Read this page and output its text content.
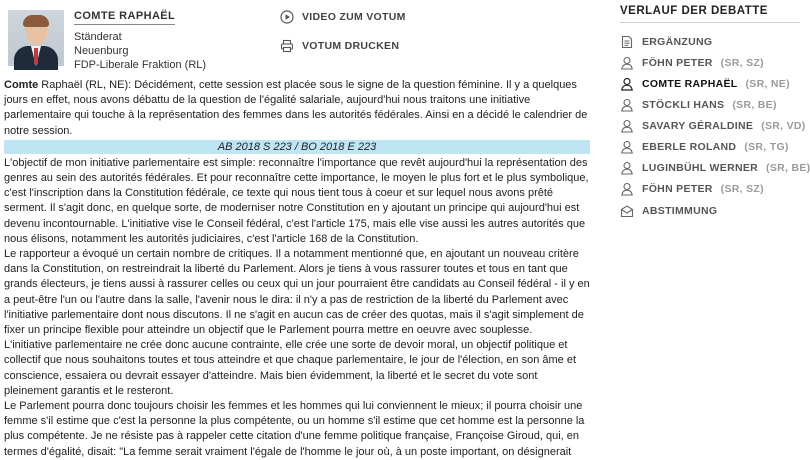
COMTE RAPHAËL
Ständerat
Neuenburg
FDP-Liberale Fraktion (RL)
VIDEO ZUM VOTUM
VOTUM DRUCKEN

Comte Raphaël (RL, NE): Décidément, cette session est placée sous le signe de la question féminine. Il y a quelques jours en effet, nous avons débattu de la question de l'égalité salariale, aujourd'hui nous traitons une initiative parlementaire qui touche à la représentation des femmes dans les autorités fédérales. Ainsi en a décidé le calendrier de notre session.

AB 2018 S 223 / BO 2018 E 223

L'objectif de mon initiative parlementaire est simple: reconnaître l'importance que revêt aujourd'hui la représentation des genres au sein des autorités fédérales. Et pour reconnaître cette importance, le moyen le plus fort et le plus symbolique, c'est l'inscription dans la Constitution fédérale, ce texte qui nous tient tous à coeur et sur lequel nous avons prêté serment. Il s'agit donc, en quelque sorte, de moderniser notre Constitution en y ajoutant un principe qui aujourd'hui est devenu incontournable. L'initiative vise le Conseil fédéral, c'est l'article 175, mais elle vise aussi les autres autorités que nous élisons, notamment les autorités judiciaires, c'est l'article 168 de la Constitution.

Le rapporteur a évoqué un certain nombre de critiques. Il a notamment mentionné que, en ajoutant un nouveau critère dans la Constitution, on restreindrait la liberté du Parlement. Alors je tiens à vous rassurer toutes et tous en tant que grands électeurs, je tiens aussi à rassurer celles ou ceux qui un jour pourraient être candidats au Conseil fédéral - il y en a peut-être l'un ou l'autre dans la salle, l'avenir nous le dira: il n'y a pas de restriction de la liberté du Parlement avec l'initiative parlementaire dont nous discutons. Il ne s'agit en aucun cas de créer des quotas, mais il s'agit simplement de fixer un principe flexible pour atteindre un objectif que le Parlement pourra mettre en oeuvre avec souplesse.

L'initiative parlementaire ne crée donc aucune contrainte, elle crée une sorte de devoir moral, un objectif politique et collectif que nous souhaitons toutes et tous atteindre et que chaque parlementaire, le jour de l'élection, en son âme et conscience, essaiera ou devrait essayer d'atteindre. Mais bien évidemment, la liberté et le secret du vote sont pleinement garantis et le resteront.

Le Parlement pourra donc toujours choisir les femmes et les hommes qui lui conviennent le mieux; il pourra choisir une femme s'il estime que c'est la personne la plus compétente, ou un homme s'il estime que cet homme est la personne la plus compétente. Je ne résiste pas à rappeler cette citation d'une femme politique française, Françoise Giroud, qui, en termes d'égalité, disait: "La femme serait vraiment l'égale de l'homme le jour où, à un poste important, on désignerait

VERLAUF DER DEBATTE
ERGÄNZUNG
FÖHN PETER (SR, SZ)
COMTE RAPHAËL (SR, NE)
STÖCKLI HANS (SR, BE)
SAVARY GÉRALDINE (SR, VD)
EBERLE ROLAND (SR, TG)
LUGINBÜHL WERNER (SR, BE)
FÖHN PETER (SR, SZ)
ABSTIMMUNG
